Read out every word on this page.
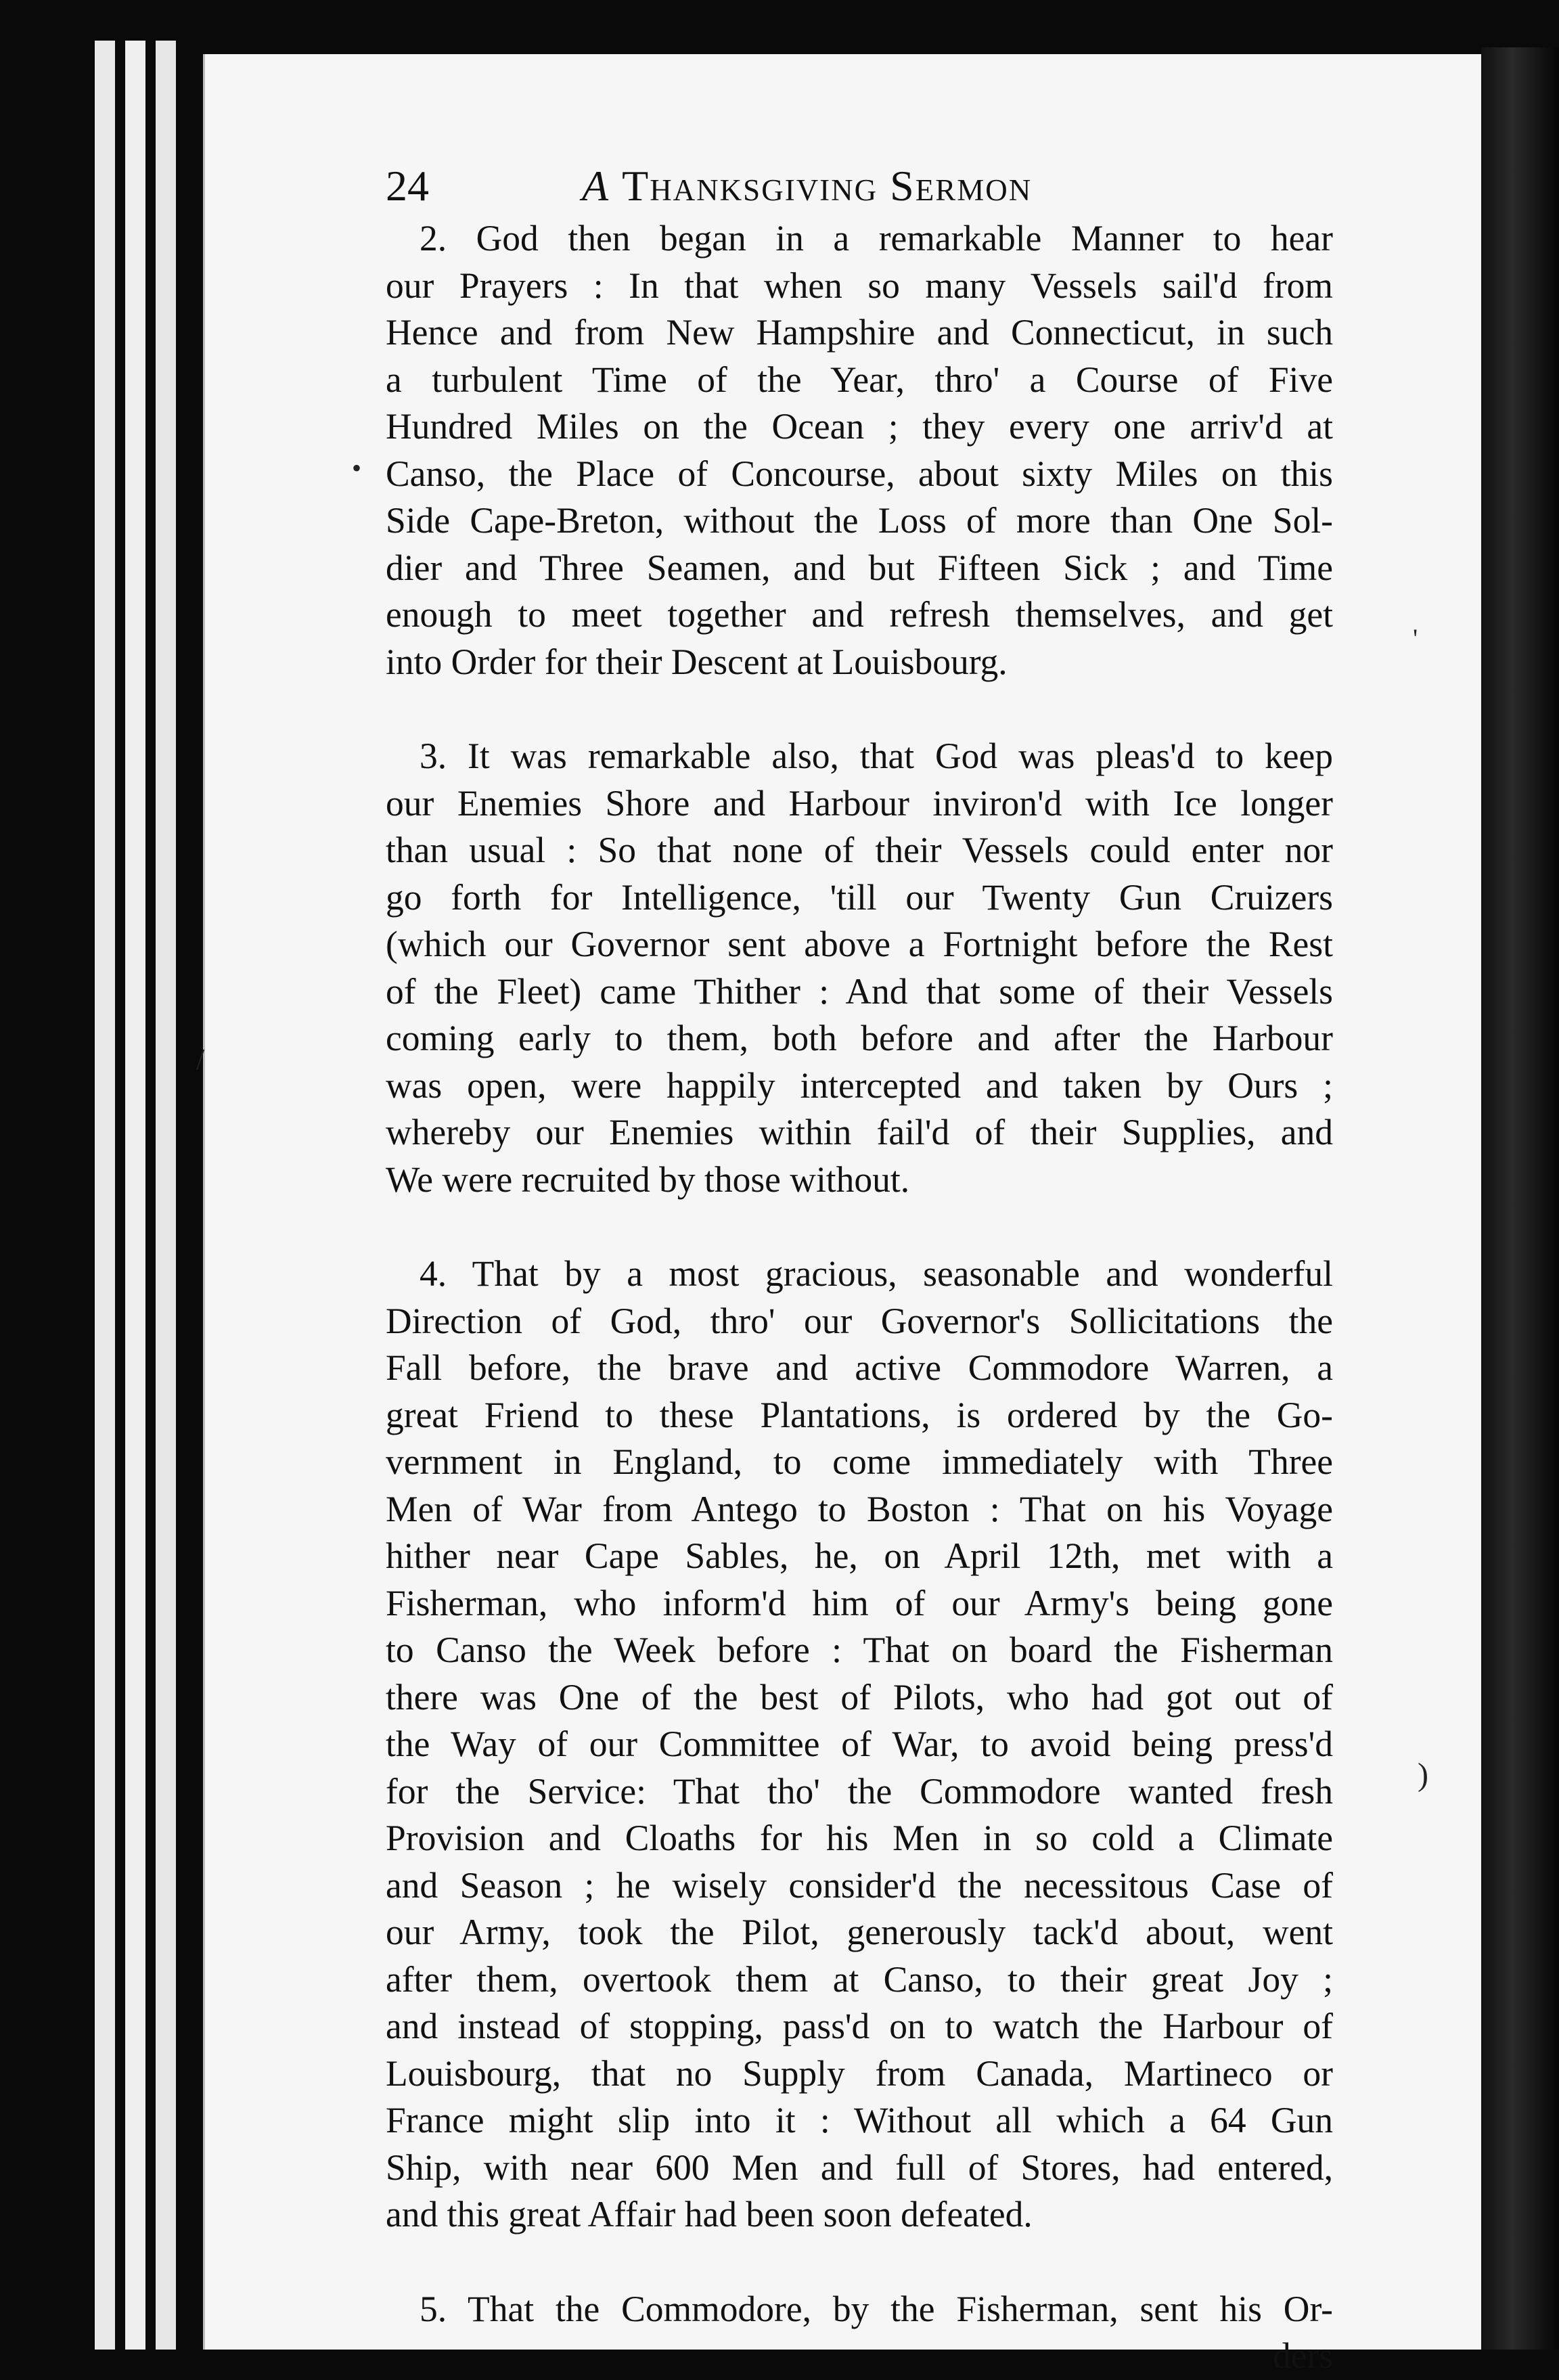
24	A Thanksgiving Sermon
2. God then began in a remarkable Manner to hear
our Prayers : In that when so many Vessels sail'd from
Hence and from New Hampshire and Connecticut, in such
a turbulent Time of the Year, thro' a Course of Five
Hundred Miles on the Ocean ; they every one arriv'd at
Canso, the Place of Concourse, about sixty Miles on this
Side Cape-Breton, without the Loss of more than One Sol-
dier and Three Seamen, and but Fifteen Sick ; and Time
enough to meet together and refresh themselves, and get
into Order for their Descent at Louisbourg.
3. It was remarkable also, that God was pleas'd to keep
our Enemies Shore and Harbour inviron'd with Ice longer
than usual : So that none of their Vessels could enter nor
go forth for Intelligence, 'till our Twenty Gun Cruizers
(which our Governor sent above a Fortnight before the Rest
of the Fleet) came Thither : And that some of their Vessels
coming early to them, both before and after the Harbour
was open, were happily intercepted and taken by Ours ;
whereby our Enemies within fail'd of their Supplies, and
We were recruited by those without.
4. That by a most gracious, seasonable and wonderful
Direction of God, thro' our Governor's Sollicitations the
Fall before, the brave and active Commodore Warren, a
great Friend to these Plantations, is ordered by the Go-
vernment in England, to come immediately with Three
Men of War from Antego to Boston : That on his Voyage
hither near Cape Sables, he, on April 12th, met with a
Fisherman, who inform'd him of our Army's being gone
to Canso the Week before : That on board the Fisherman
there was One of the best of Pilots, who had got out of
the Way of our Committee of War, to avoid being press'd
for the Service: That tho' the Commodore wanted fresh
Provision and Cloaths for his Men in so cold a Climate
and Season ; he wisely consider'd the necessitous Case of
our Army, took the Pilot, generously tack'd about, went
after them, overtook them at Canso, to their great Joy ;
and instead of stopping, pass'd on to watch the Harbour of
Louisbourg, that no Supply from Canada, Martineco or
France might slip into it : Without all which a 64 Gun
Ship, with near 600 Men and full of Stores, had entered,
and this great Affair had been soon defeated.
5. That the Commodore, by the Fisherman, sent his Or-
ders
•
'
/
)
